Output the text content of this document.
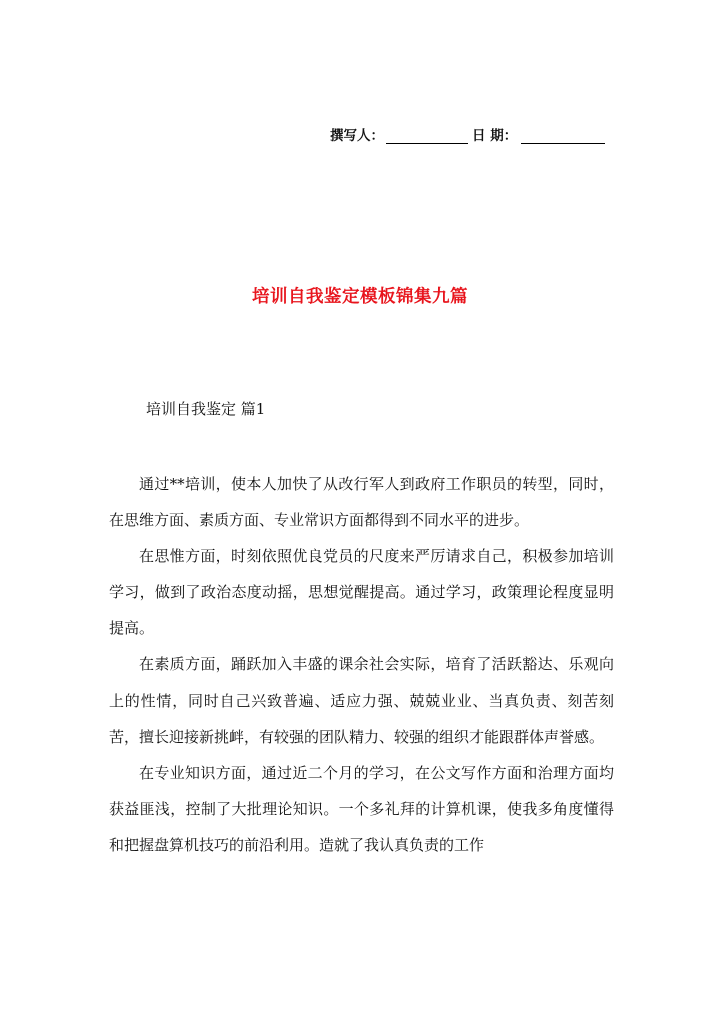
撰写人：	日 期：
培训自我鉴定模板锦集九篇
培训自我鉴定 篇1

通过**培训，使本人加快了从改行军人到政府工作职员的转型，同时，在思维方面、素质方面、专业常识方面都得到不同水平的进步。

在思惟方面，时刻依照优良党员的尺度来严厉请求自己，积极参加培训学习，做到了政治态度动摇，思想觉醒提高。通过学习，政策理论程度显明提高。

在素质方面，踊跃加入丰盛的课余社会实际，培育了活跃豁达、乐观向上的性情，同时自己兴致普遍、适应力强、兢兢业业、当真负责、刻苦刻苦，擅长迎接新挑衅，有较强的团队精力、较强的组织才能跟群体声誉感。

在专业知识方面，通过近二个月的学习，在公文写作方面和治理方面均获益匪浅，控制了大批理论知识。一个多礼拜的计算机课，使我多角度懂得和把握盘算机技巧的前沿利用。造就了我认真负责的工作
